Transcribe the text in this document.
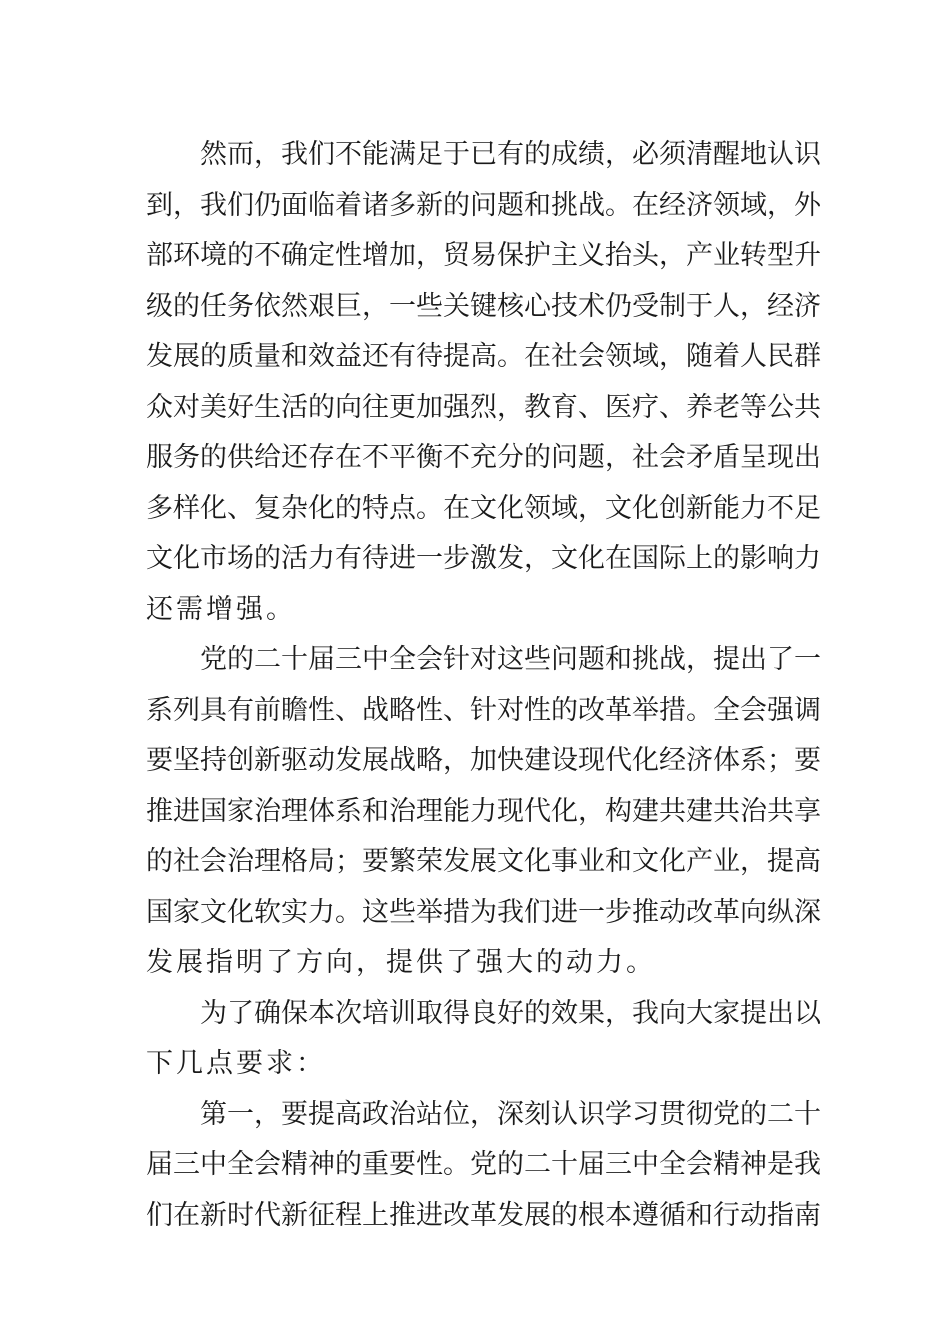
然 而 ， 我 们 不 能 满 足 于 已 有 的 成 绩 ， 必 须 清 醒 地 认 识
到 ， 我 们 仍 面 临 着 诸 多 新 的 问 题 和 挑 战 。 在 经 济 领 域 ， 外
部 环 境 的 不 确 定 性 增 加 ， 贸 易 保 护 主 义 抬 头 ， 产 业 转 型 升
级 的 任 务 依 然 艰 巨 ， 一 些 关 键 核 心 技 术 仍 受 制 于 人 ， 经 济
发 展 的 质 量 和 效 益 还 有 待 提 高 。 在 社 会 领 域 ， 随 着 人 民 群
众 对 美 好 生 活 的 向 往 更 加 强 烈 ， 教 育 、 医 疗 、 养 老 等 公 共
服 务 的 供 给 还 存 在 不 平 衡 不 充 分 的 问 题 ， 社 会 矛 盾 呈 现 出
多 样 化 、 复 杂 化 的 特 点 。 在 文 化 领 域 ， 文 化 创 新 能 力 不 足
文 化 市 场 的 活 力 有 待 进 一 步 激 发 ， 文 化 在 国 际 上 的 影 响 力
还 需 增 强 。
党 的 二 十 届 三 中 全 会 针 对 这 些 问 题 和 挑 战 ， 提 出 了 一
系 列 具 有 前 瞻 性 、 战 略 性 、 针 对 性 的 改 革 举 措 。 全 会 强 调
要 坚 持 创 新 驱 动 发 展 战 略 ， 加 快 建 设 现 代 化 经 济 体 系 ； 要
推 进 国 家 治 理 体 系 和 治 理 能 力 现 代 化 ， 构 建 共 建 共 治 共 享
的 社 会 治 理 格 局 ； 要 繁 荣 发 展 文 化 事 业 和 文 化 产 业 ， 提 高
国 家 文 化 软 实 力 。 这 些 举 措 为 我 们 进 一 步 推 动 改 革 向 纵 深
发 展 指 明 了 方 向 ， 提 供 了 强 大 的 动 力 。
为 了 确 保 本 次 培 训 取 得 良 好 的 效 果 ， 我 向 大 家 提 出 以
下 几 点 要 求 ：
第 一 ， 要 提 高 政 治 站 位 ， 深 刻 认 识 学 习 贯 彻 党 的 二 十
届 三 中 全 会 精 神 的 重 要 性 。 党 的 二 十 届 三 中 全 会 精 神 是 我
们 在 新 时 代 新 征 程 上 推 进 改 革 发 展 的 根 本 遵 循 和 行 动 指 南
